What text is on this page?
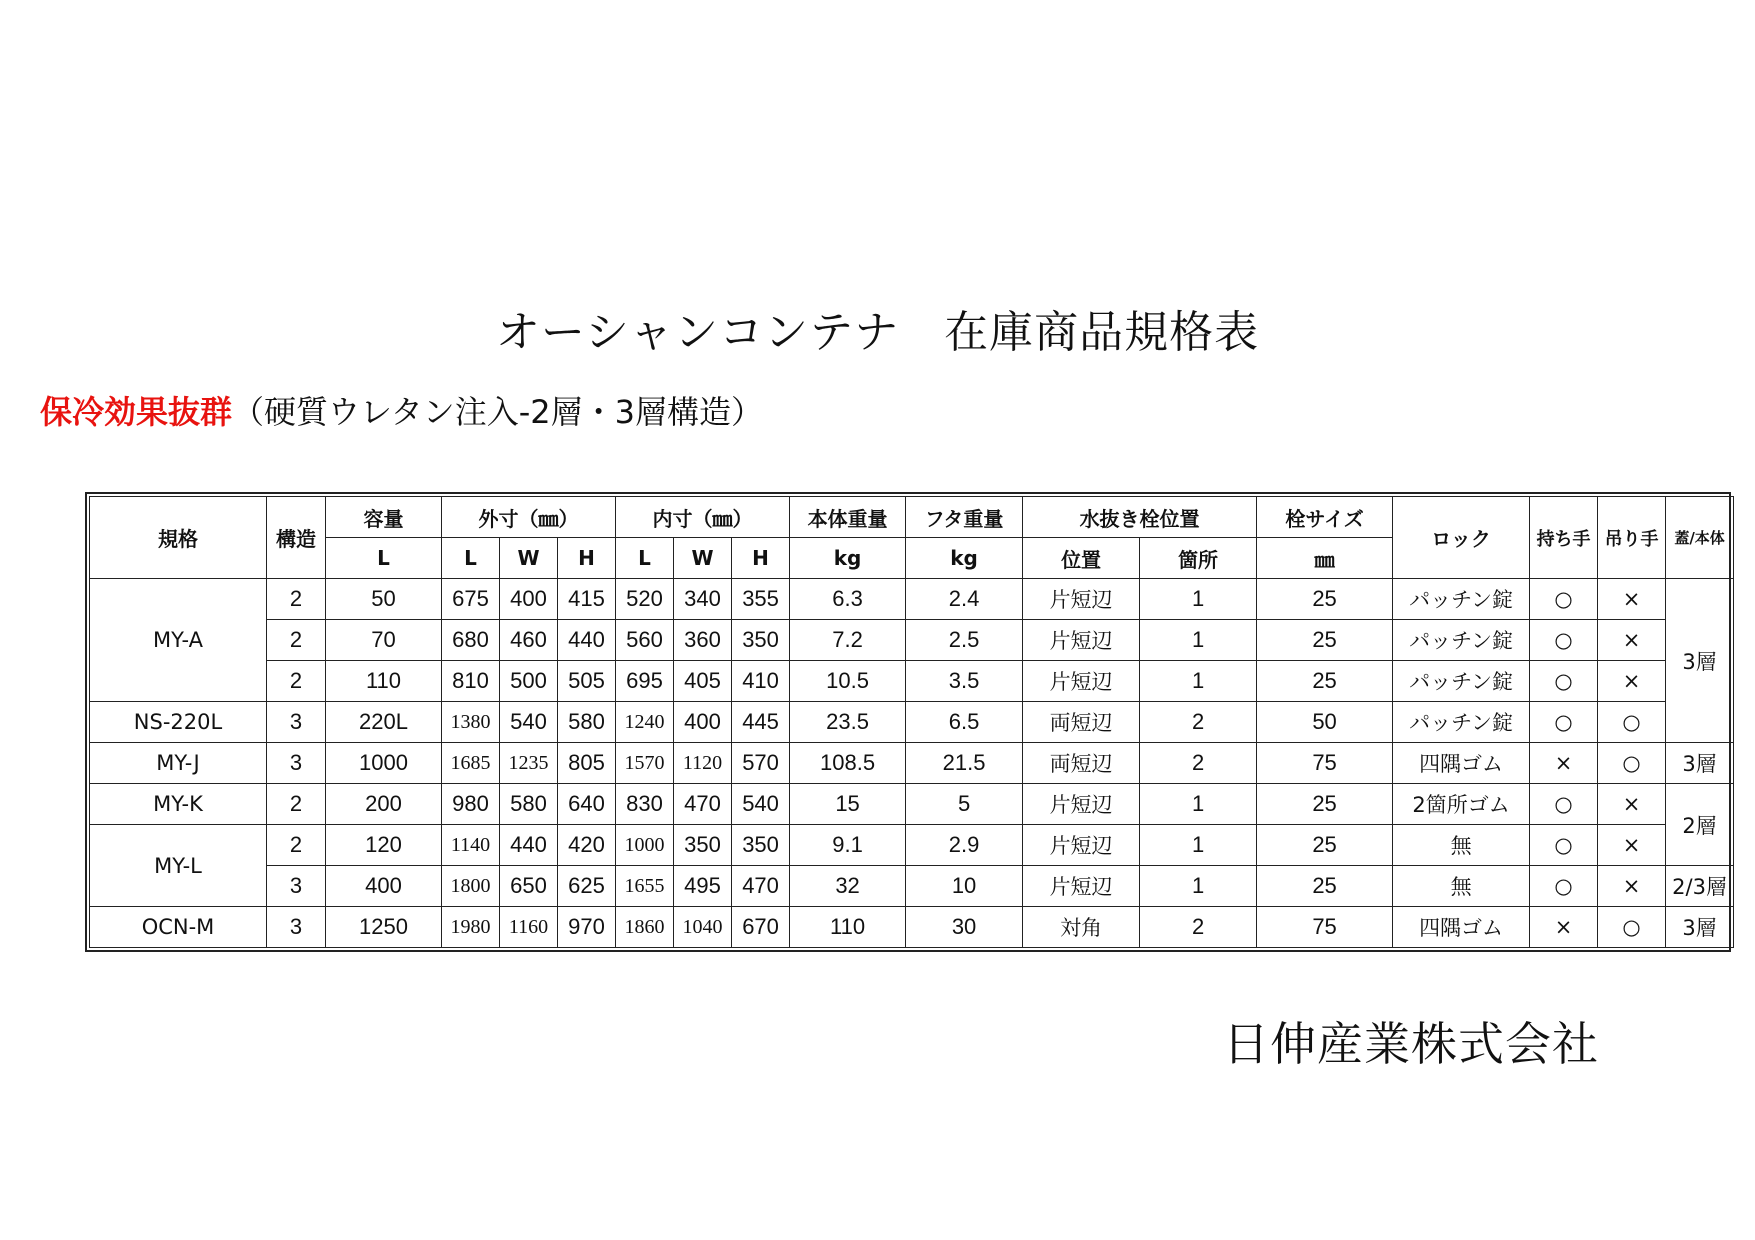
オーシャンコンテナ　在庫商品規格表
保冷効果抜群（硬質ウレタン注入-2層・3層構造）
規格	構造	容量	外寸（㎜）			内寸（㎜）			本体重量	フタ重量	水抜き栓位置		栓サイズ	ロック	持ち手	吊り手	蓋/本体
		L	L	W	H	L	W	H	kg	kg	位置	箇所	㎜				
MY-A	2	50	675	400	415	520	340	355	6.3	2.4	片短辺	1	25	パッチン錠	○	×	3層
	2	70	680	460	440	560	360	350	7.2	2.5	片短辺	1	25	パッチン錠	○	×	
	2	110	810	500	505	695	405	410	10.5	3.5	片短辺	1	25	パッチン錠	○	×	
NS-220L	3	220L	1380	540	580	1240	400	445	23.5	6.5	両短辺	2	50	パッチン錠	○	○	
MY-J	3	1000	1685	1235	805	1570	1120	570	108.5	21.5	両短辺	2	75	四隅ゴム	×	○	3層
MY-K	2	200	980	580	640	830	470	540	15	5	片短辺	1	25	2箇所ゴム	○	×	2層
MY-L	2	120	1140	440	420	1000	350	350	9.1	2.9	片短辺	1	25	無	○	×	
	3	400	1800	650	625	1655	495	470	32	10	片短辺	1	25	無	○	×	2/3層
OCN-M	3	1250	1980	1160	970	1860	1040	670	110	30	対角	2	75	四隅ゴム	×	○	3層
日伸産業株式会社
